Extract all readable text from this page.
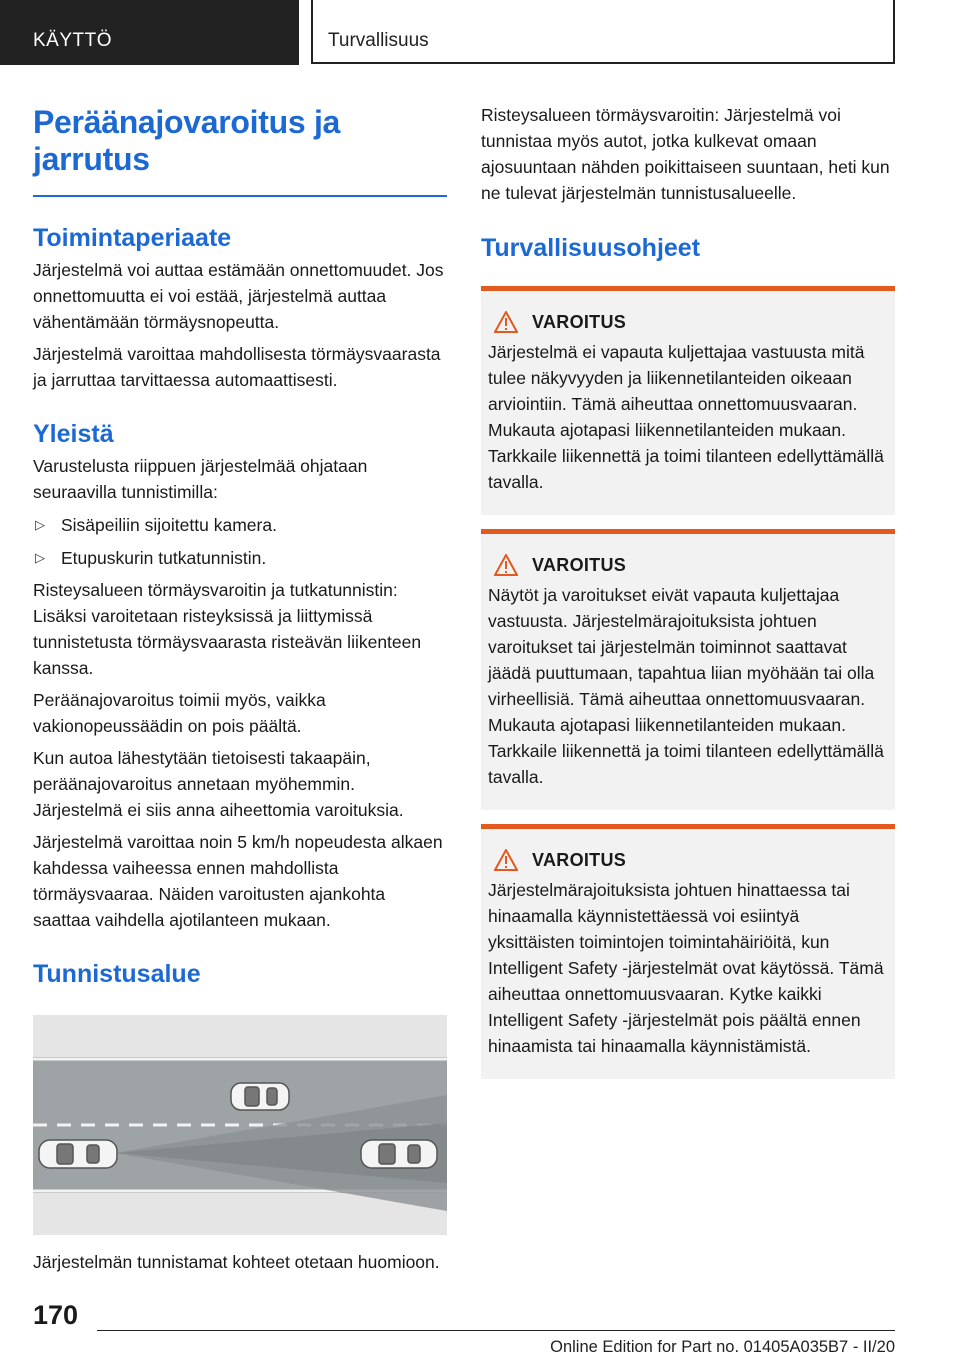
KÄYTTÖ	Turvallisuus
Peräänajovaroitus ja jarrutus
Toimintaperiaate

Järjestelmä voi auttaa estämään onnettomuudet. Jos onnettomuutta ei voi estää, järjestelmä auttaa vähentämään törmäysnopeutta.

Järjestelmä varoittaa mahdollisesta törmäysvaarasta ja jarruttaa tarvittaessa automaattisesti.

Yleistä

Varustelusta riippuen järjestelmää ohjataan seuraavilla tunnistimilla:

▷ Sisäpeiliin sijoitettu kamera.

▷ Etupuskurin tutkatunnistin.

Risteysalueen törmäysvaroitin ja tutkatunnistin: Lisäksi varoitetaan risteyksissä ja liittymissä tunnistetusta törmäysvaarasta risteävän liikenteen kanssa.

Peräänajovaroitus toimii myös, vaikka vakionopeussäädin on pois päältä.

Kun autoa lähestytään tietoisesti takaapäin, peräänajovaroitus annetaan myöhemmin. Järjestelmä ei siis anna aiheettomia varoituksia.

Järjestelmä varoittaa noin 5 km/h nopeudesta alkaen kahdessa vaiheessa ennen mahdollista törmäysvaaraa. Näiden varoitusten ajankohta saattaa vaihdella ajotilanteen mukaan.

Tunnistusalue

Järjestelmän tunnistamat kohteet otetaan huomioon.

Risteysalueen törmäysvaroitin: Järjestelmä voi tunnistaa myös autot, jotka kulkevat omaan ajosuuntaan nähden poikittaiseen suuntaan, heti kun ne tulevat järjestelmän tunnistusalueelle.

Turvallisuusohjeet
VAROITUS

Järjestelmä ei vapauta kuljettajaa vastuusta mitä tulee näkyvyyden ja liikennetilanteiden oikeaan arviointiin. Tämä aiheuttaa onnettomuusvaaran. Mukauta ajotapasi liikennetilanteiden mukaan. Tarkkaile liikennettä ja toimi tilanteen edellyttämällä tavalla.

VAROITUS

Näytöt ja varoitukset eivät vapauta kuljettajaa vastuusta. Järjestelmärajoituksista johtuen varoitukset tai järjestelmän toiminnot saattavat jäädä puuttumaan, tapahtua liian myöhään tai olla virheellisiä. Tämä aiheuttaa onnettomuusvaaran. Mukauta ajotapasi liikennetilanteiden mukaan. Tarkkaile liikennettä ja toimi tilanteen edellyttämällä tavalla.

VAROITUS

Järjestelmärajoituksista johtuen hinattaessa tai hinaamalla käynnistettäessä voi esiintyä yksittäisten toimintojen toimintahäiriöitä, kun Intelligent Safety -järjestelmät ovat käytössä. Tämä aiheuttaa onnettomuusvaaran. Kytke kaikki Intelligent Safety -järjestelmät pois päältä ennen hinaamista tai hinaamalla käynnistämistä.

170
Online Edition for Part no. 01405A035B7 - II/20
